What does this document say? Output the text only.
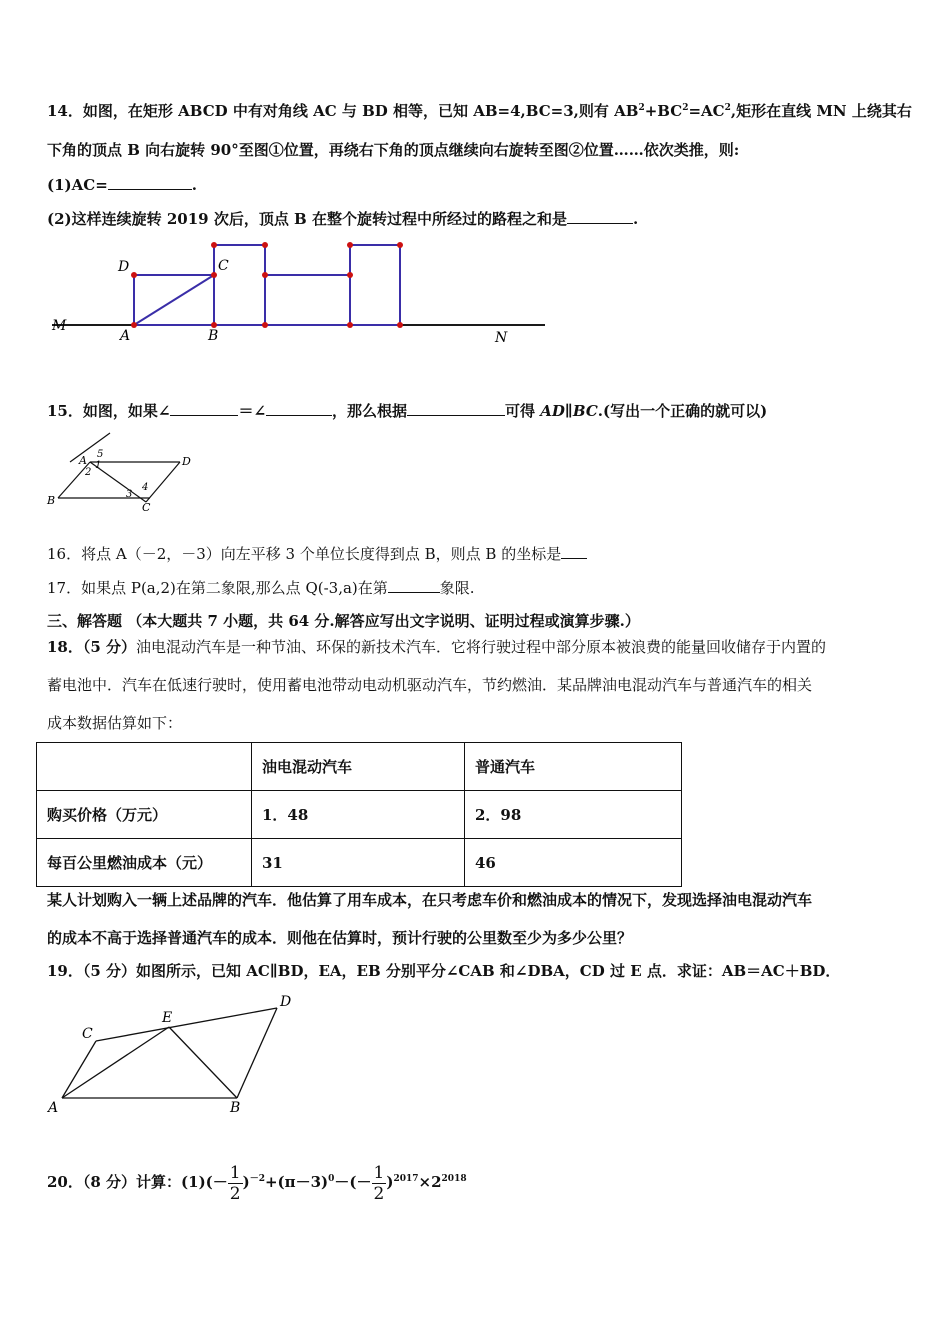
14．如图，在矩形 ABCD 中有对角线 AC 与 BD 相等，已知 AB=4,BC=3,则有 $AB^2+BC^2=AC^2$,矩形在直线 MN 上绕其右
下角的顶点 B 向右旋转 90°至图①位置，再绕右下角的顶点继续向右旋转至图②位置……依次类推，则:
(1)AC=	.
(2)这样连续旋转 2019 次后，顶点 B 在整个旋转过程中所经过的路程之和是	.
D	C
M
A	B	N
15．如图，如果∠	＝∠	，那么根据	可得 AD∥BC.(写出一个正确的就可以)
A	D
B
C
1
2
3
4
5
16．将点 A（－2，－3）向左平移 3 个单位长度得到点 B，则点 B 的坐标是
17．如果点 P(a,2)在第二象限,那么点 Q(-3,a)在第	象限.
三、解答题 （本大题共 7 小题，共 64 分.解答应写出文字说明、证明过程或演算步骤.）
18．（5 分）油电混动汽车是一种节油、环保的新技术汽车．它将行驶过程中部分原本被浪费的能量回收储存于内置的
蓄电池中．汽车在低速行驶时，使用蓄电池带动电动机驱动汽车，节约燃油．某品牌油电混动汽车与普通汽车的相关
成本数据估算如下：
	油电混动汽车	普通汽车
购买价格（万元）	1．48	2．98
每百公里燃油成本（元）	31	46
某人计划购入一辆上述品牌的汽车．他估算了用车成本，在只考虑车价和燃油成本的情况下，发现选择油电混动汽车
的成本不高于选择普通汽车的成本．则他在估算时，预计行驶的公里数至少为多少公里？
19．（5 分）如图所示，已知 AC∥BD，EA，EB 分别平分∠CAB 和∠DBA，CD 过 E 点．求证：AB＝AC＋BD．
C
E
D
A	B
20．（8 分）计算：$(1)(- \frac{1}{2} )^{-2}+(\pi-3)^0-(- \frac{1}{2} )^{2017}\times 2^{2018}$
